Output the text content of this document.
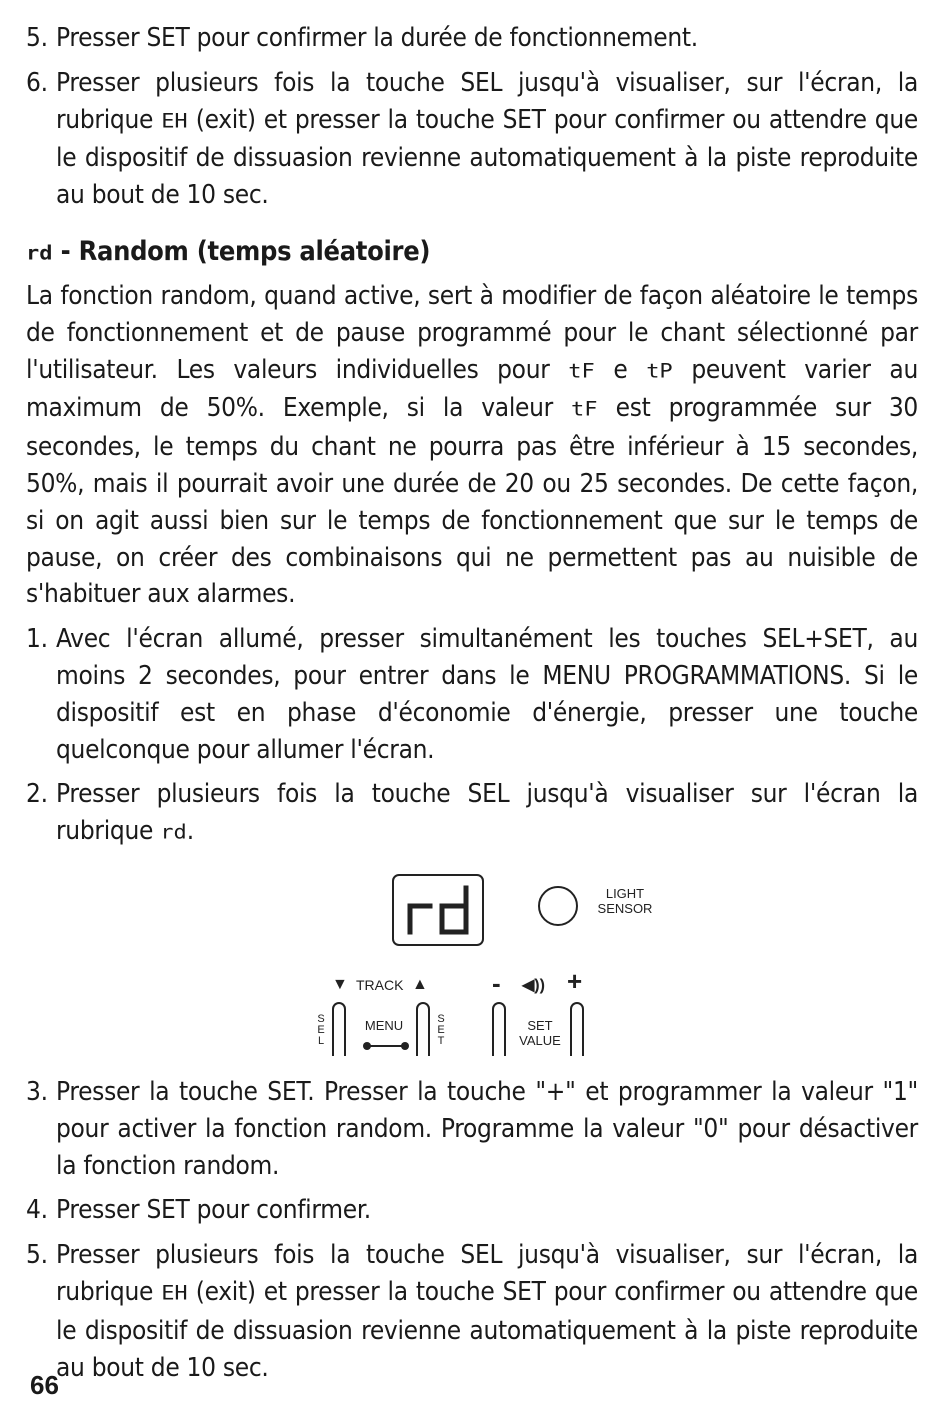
5. Presser SET pour confirmer la durée de fonctionnement.
6. Presser plusieurs fois la touche SEL jusqu'à visualiser, sur l'écran, la rubrique EH (exit) et presser la touche SET pour confirmer ou attendre que le dispositif de dissuasion revienne automatiquement à la piste reproduite au bout de 10 sec.
rd - Random (temps aléatoire)

La fonction random, quand active, sert à modifier de façon aléatoire le temps de fonctionnement et de pause programmé pour le chant sélectionné par l'utilisateur. Les valeurs individuelles pour tF e tP peuvent varier au maximum de 50%. Exemple, si la valeur tF est programmée sur 30 secondes, le temps du chant ne pourra pas être inférieur à 15 secondes, 50%, mais il pourrait avoir une durée de 20 ou 25 secondes. De cette façon, si on agit aussi bien sur le temps de fonctionnement que sur le temps de pause, on créer des combinaisons qui ne permettent pas au nuisible de s'habituer aux alarmes.

1. Avec l'écran allumé, presser simultanément les touches SEL+SET, au moins 2 secondes, pour entrer dans le MENU PROGRAMMATIONS. Si le dispositif est en phase d'économie d'énergie, presser une touche quelconque pour allumer l'écran.
2. Presser plusieurs fois la touche SEL jusqu'à visualiser sur l'écran la rubrique rd.
LIGHT
SENSOR
▼ TRACK ▲ - ◀)) +
S
E
L
MENU	S
E
T
SET
VALUE
3. Presser la touche SET. Presser la touche "+" et programmer la valeur "1" pour activer la fonction random. Programme la valeur "0" pour désactiver la fonction random.
4. Presser SET pour confirmer.
5. Presser plusieurs fois la touche SEL jusqu'à visualiser, sur l'écran, la rubrique EH (exit) et presser la touche SET pour confirmer ou attendre que le dispositif de dissuasion revienne automatiquement à la piste reproduite au bout de 10 sec.
66
